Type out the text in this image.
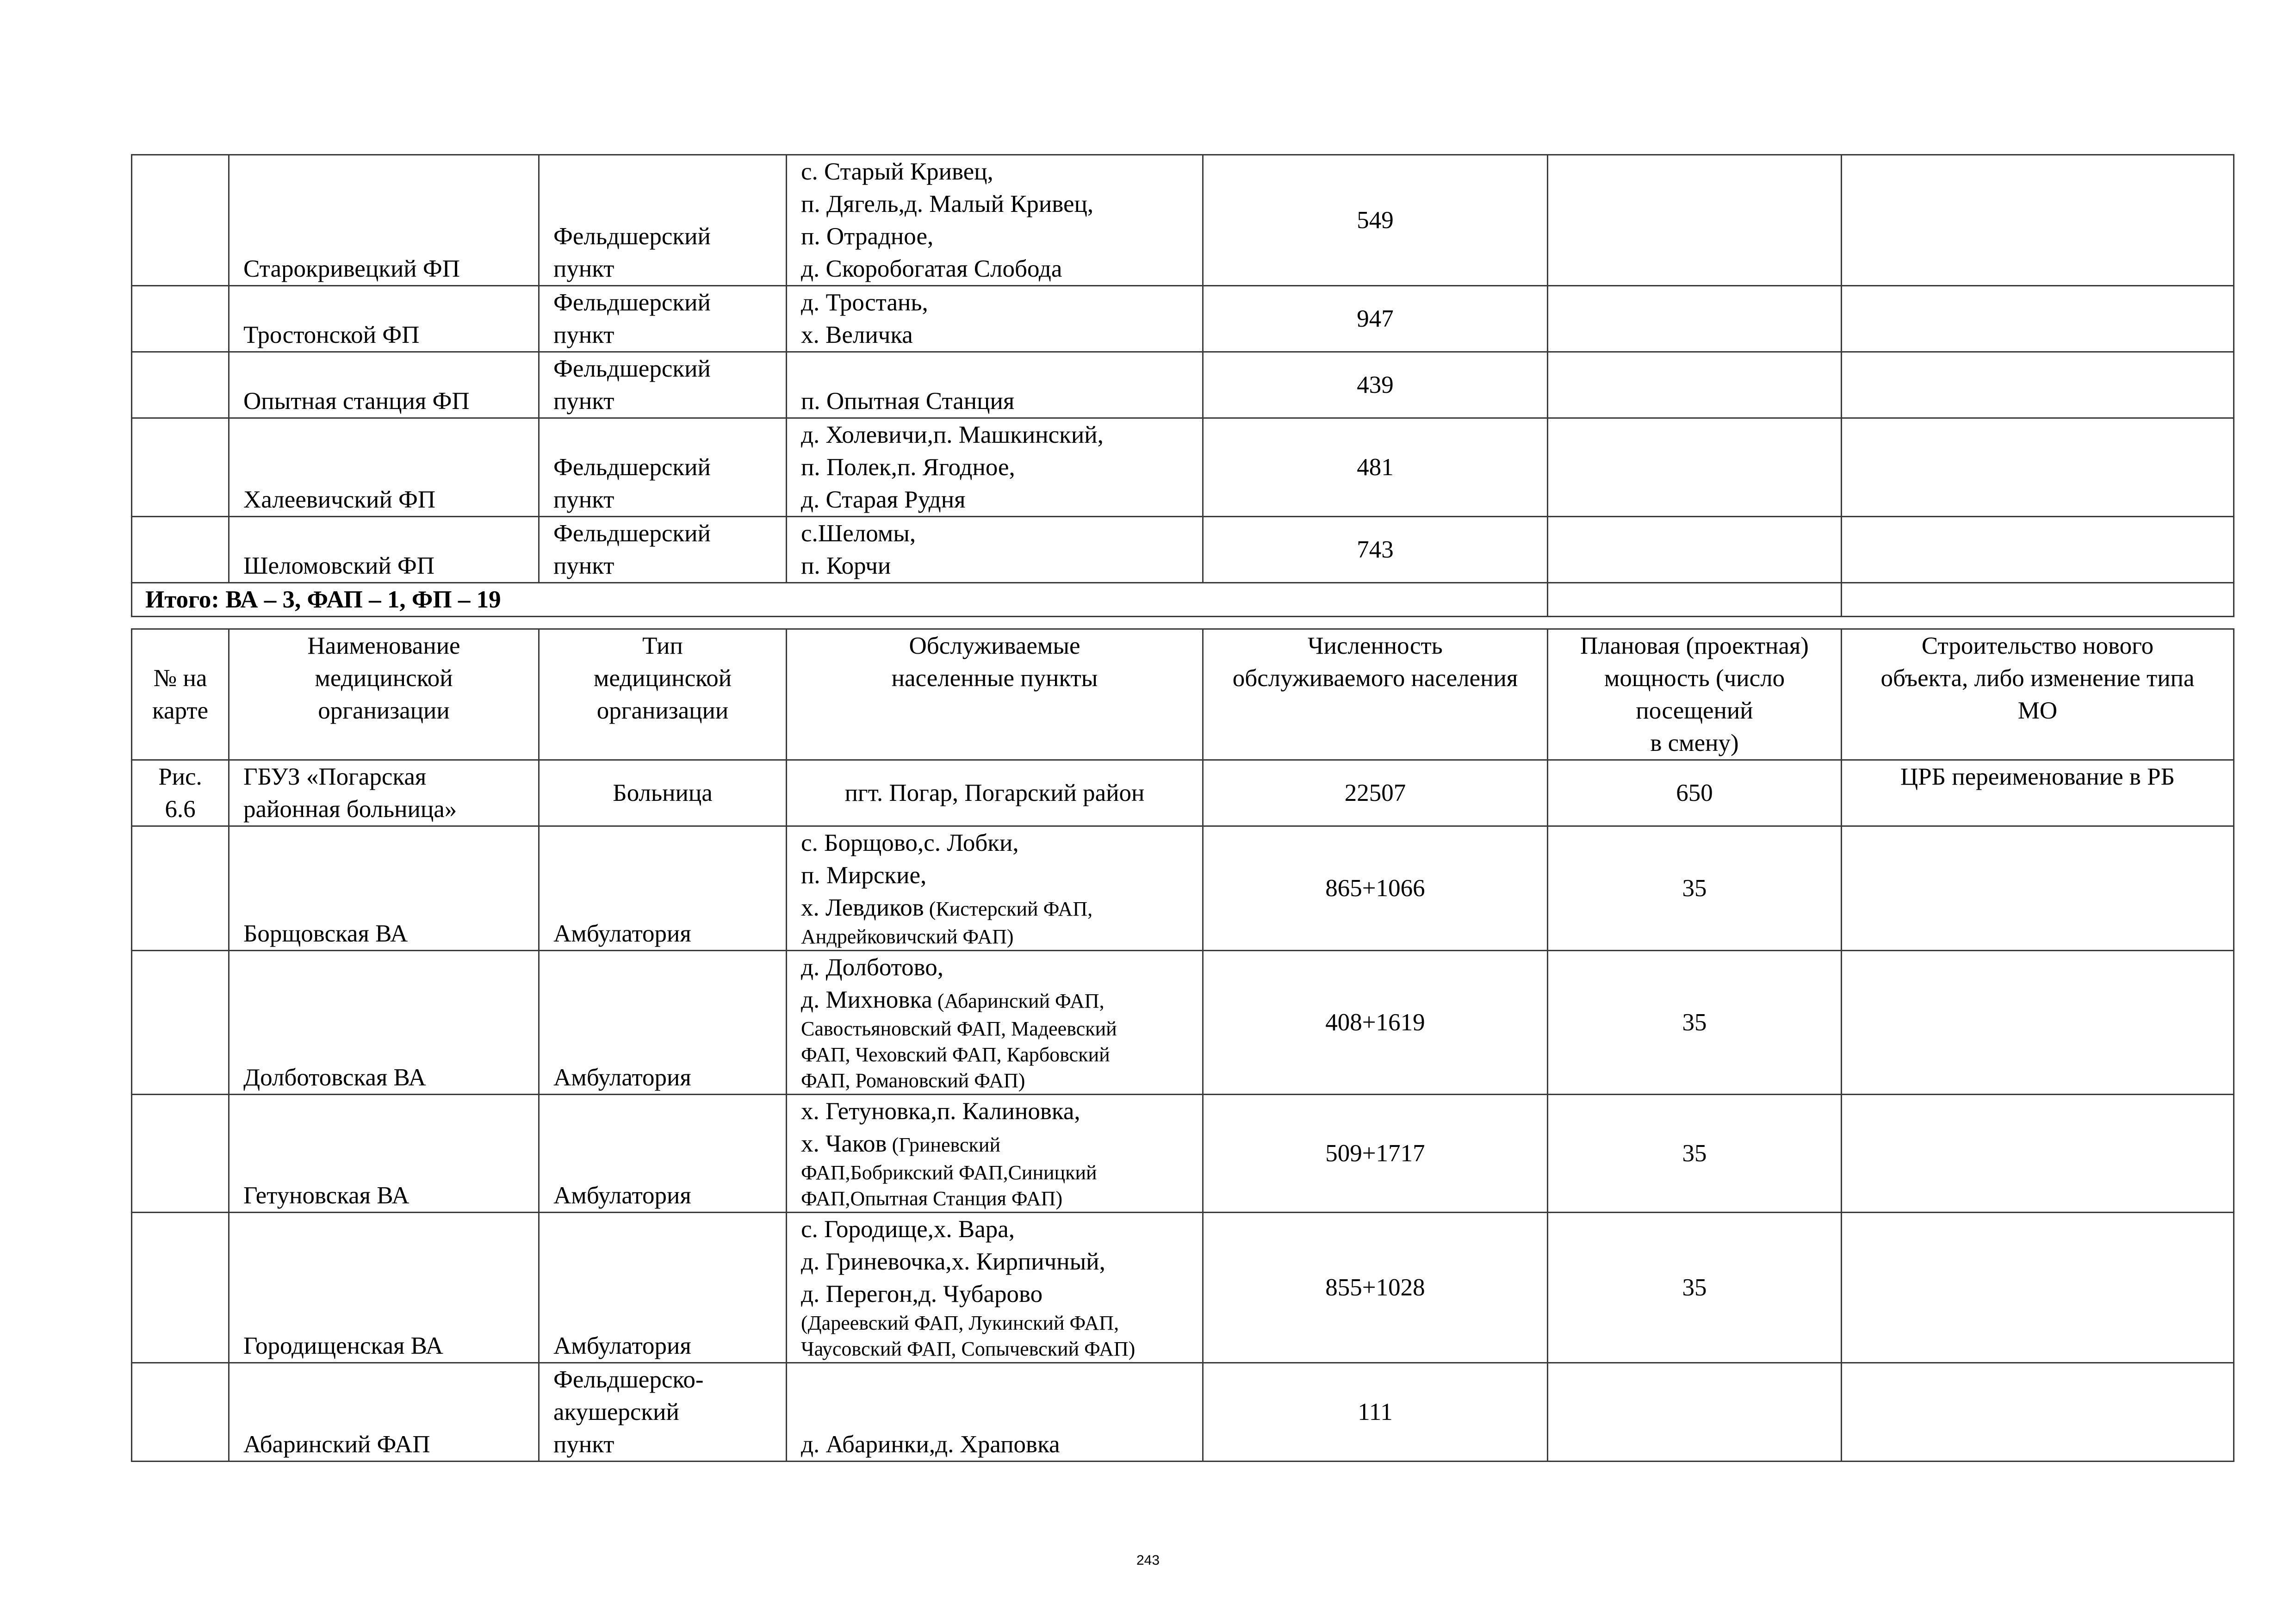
	Старокривецкий ФП	Фельдшерский
пункт	с. Старый Кривец,
п. Дягель,д. Малый Кривец,
п. Отрадное,
д. Скоробогатая Слобода	549		
	Тростонской ФП	Фельдшерский
пункт	д. Тростань,
х. Величка	947		
	Опытная станция ФП	Фельдшерский
пункт	п. Опытная Станция	439		
	Халеевичский ФП	Фельдшерский
пункт	д. Холевичи,п. Машкинский,
п. Полек,п. Ягодное,
д. Старая Рудня	481		
	Шеломовский ФП	Фельдшерский
пункт	с.Шеломы,
п. Корчи	743		
Итого: ВА – 3, ФАП – 1, ФП – 19						
№ на
карте	Наименование
медицинской
организации	Тип
медицинской
организации	Обслуживаемые
населенные пункты	Численность
обслуживаемого населения	Плановая (проектная)
мощность (число
посещений
в смену)	Строительство нового
объекта, либо изменение типа
МО

Рис.
6.6	ГБУЗ «Погарская
районная больница»	Больница	пгт. Погар, Погарский район	22507	650	ЦРБ переименование в РБ
	Борщовская ВА	Амбулатория	с. Борщово,с. Лобки,
п. Мирские,
х. Левдиков (Кистерский ФАП,
Андрейковичский ФАП)	865+1066	35	
	Долботовская ВА	Амбулатория	д. Долботово,
д. Михновка (Абаринский ФАП,
Савостьяновский ФАП, Мадеевский
ФАП, Чеховский ФАП, Карбовский
ФАП, Романовский ФАП)	408+1619	35	
	Гетуновская ВА	Амбулатория	х. Гетуновка,п. Калиновка,
х. Чаков (Гриневский
ФАП,Бобрикский ФАП,Синицкий
ФАП,Опытная Станция ФАП)	509+1717	35	
	Городищенская ВА	Амбулатория	с. Городище,х. Вара,
д. Гриневочка,х. Кирпичный,
д. Перегон,д. Чубарово
(Дареевский ФАП, Лукинский ФАП,
Чаусовский ФАП, Сопычевский ФАП)	855+1028	35	
	Абаринский ФАП	Фельдшерско-
акушерский
пункт	д. Абаринки,д. Храповка	111		
243
